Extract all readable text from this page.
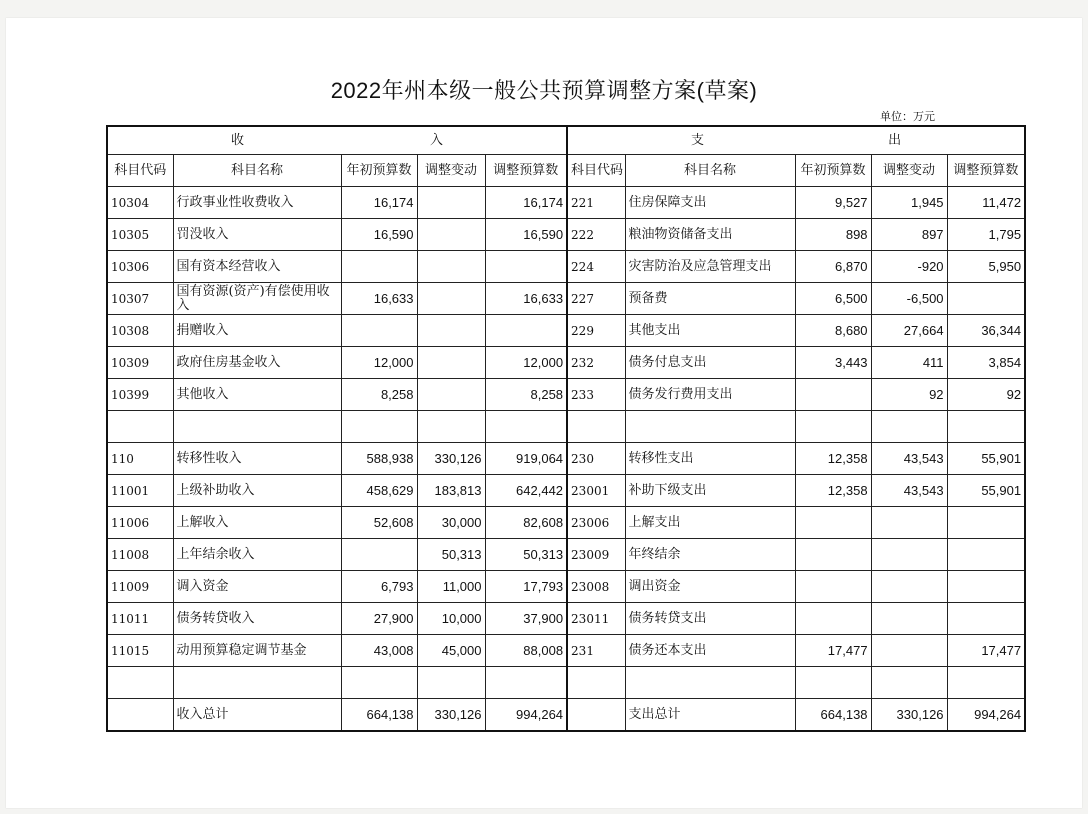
2022年州本级一般公共预算调整方案(草案)
单位：万元
收 入					支 出				

科目代码	科目名称	年初预算数	调整变动	调整预算数	科目代码	科目名称	年初预算数	调整变动	调整预算数
10304	行政事业性收费收入	16,174		16,174	221	住房保障支出	9,527	1,945	11,472
10305	罚没收入	16,590		16,590	222	粮油物资储备支出	898	897	1,795
10306	国有资本经营收入				224	灾害防治及应急管理支出	6,870	-920	5,950
10307	国有资源(资产)有偿使用收入	16,633		16,633	227	预备费	6,500	-6,500	
10308	捐赠收入				229	其他支出	8,680	27,664	36,344
10309	政府住房基金收入	12,000		12,000	232	债务付息支出	3,443	411	3,854
10399	其他收入	8,258		8,258	233	债务发行费用支出		92	92

110	转移性收入	588,938	330,126	919,064	230	转移性支出	12,358	43,543	55,901
11001	上级补助收入	458,629	183,813	642,442	23001	补助下级支出	12,358	43,543	55,901
11006	上解收入	52,608	30,000	82,608	23006	上解支出			
11008	上年结余收入		50,313	50,313	23009	年终结余			
11009	调入资金	6,793	11,000	17,793	23008	调出资金			
11011	债务转贷收入	27,900	10,000	37,900	23011	债务转贷支出			
11015	动用预算稳定调节基金	43,008	45,000	88,008	231	债务还本支出	17,477		17,477

	收入总计	664,138	330,126	994,264		支出总计	664,138	330,126	994,264
